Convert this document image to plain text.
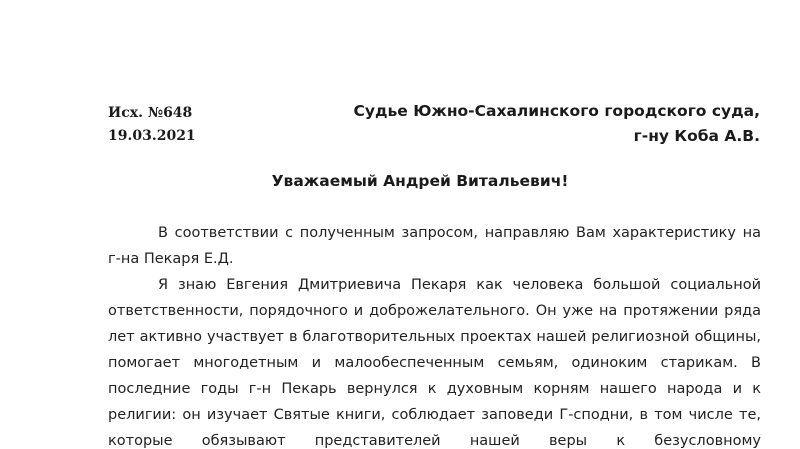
Исх. №648
19.03.2021
Судье Южно-Сахалинского городского суда,
г-ну Коба А.В.
Уважаемый Андрей Витальевич!
В соответствии с полученным запросом, направляю Вам характеристику на
г-на Пекаря Е.Д.
Я знаю Евгения Дмитриевича Пекаря как человека большой социальной
ответственности, порядочного и доброжелательного. Он уже на протяжении ряда
лет активно участвует в благотворительных проектах нашей религиозной общины,
помогает многодетным и малообеспеченным семьям, одиноким старикам. В
последние годы г-н Пекарь вернулся к духовным корням нашего народа и к
религии: он изучает Святые книги, соблюдает заповеди Г-сподни, в том числе те,
которые обязывают представителей нашей веры к безусловному
